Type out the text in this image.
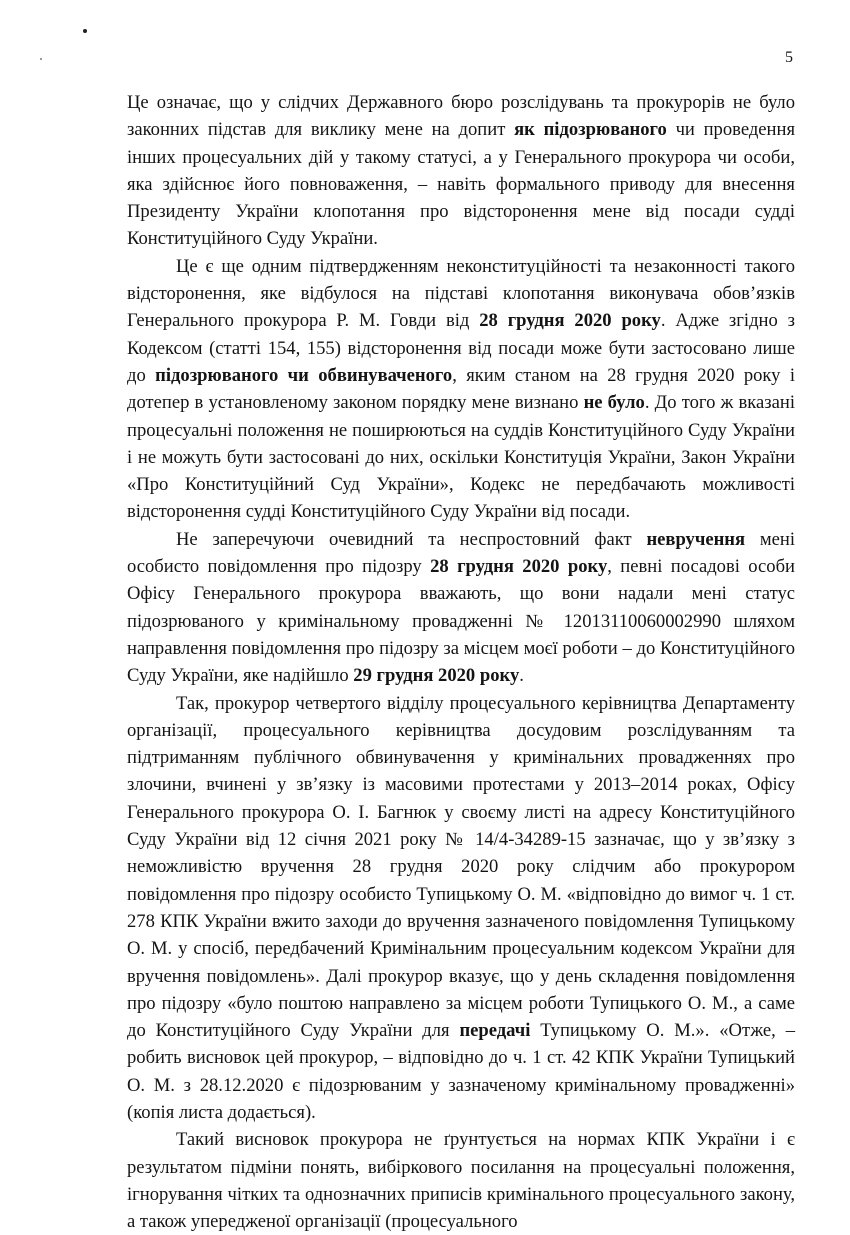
5

Це означає, що у слідчих Державного бюро розслідувань та прокурорів не було законних підстав для виклику мене на допит як підозрюваного чи проведення інших процесуальних дій у такому статусі, а у Генерального прокурора чи особи, яка здійснює його повноваження, – навіть формального приводу для внесення Президенту України клопотання про відсторонення мене від посади судді Конституційного Суду України.

Це є ще одним підтвердженням неконституційності та незаконності такого відсторонення, яке відбулося на підставі клопотання виконувача обов’язків Генерального прокурора Р. М. Говди від 28 грудня 2020 року. Адже згідно з Кодексом (статті 154, 155) відсторонення від посади може бути застосовано лише до підозрюваного чи обвинуваченого, яким станом на 28 грудня 2020 року і дотепер в установленому законом порядку мене визнано не було. До того ж вказані процесуальні положення не поширюються на суддів Конституційного Суду України і не можуть бути застосовані до них, оскільки Конституція України, Закон України «Про Конституційний Суд України», Кодекс не передбачають можливості відсторонення судді Конституційного Суду України від посади.

Не заперечуючи очевидний та неспростовний факт невручення мені особисто повідомлення про підозру 28 грудня 2020 року, певні посадові особи Офісу Генерального прокурора вважають, що вони надали мені статус підозрюваного у кримінальному провадженні № 12013110060002990 шляхом направлення повідомлення про підозру за місцем моєї роботи – до Конституційного Суду України, яке надійшло 29 грудня 2020 року.

Так, прокурор четвертого відділу процесуального керівництва Департаменту організації, процесуального керівництва досудовим розслідуванням та підтриманням публічного обвинувачення у кримінальних провадженнях про злочини, вчинені у зв’язку із масовими протестами у 2013–2014 роках, Офісу Генерального прокурора О. І. Багнюк у своєму листі на адресу Конституційного Суду України від 12 січня 2021 року № 14/4-34289-15 зазначає, що у зв’язку з неможливістю вручення 28 грудня 2020 року слідчим або прокурором повідомлення про підозру особисто Тупицькому О. М. «відповідно до вимог ч. 1 ст. 278 КПК України вжито заходи до вручення зазначеного повідомлення Тупицькому О. М. у спосіб, передбачений Кримінальним процесуальним кодексом України для вручення повідомлень». Далі прокурор вказує, що у день складення повідомлення про підозру «було поштою направлено за місцем роботи Тупицького О. М., а саме до Конституційного Суду України для передачі Тупицькому О. М.». «Отже, – робить висновок цей прокурор, – відповідно до ч. 1 ст. 42 КПК України Тупицький О. М. з 28.12.2020 є підозрюваним у зазначеному кримінальному провадженні» (копія листа додається).

Такий висновок прокурора не ґрунтується на нормах КПК України і є результатом підміни понять, вибіркового посилання на процесуальні положення, ігнорування чітких та однозначних приписів кримінального процесуального закону, а також упередженої організації (процесуального
